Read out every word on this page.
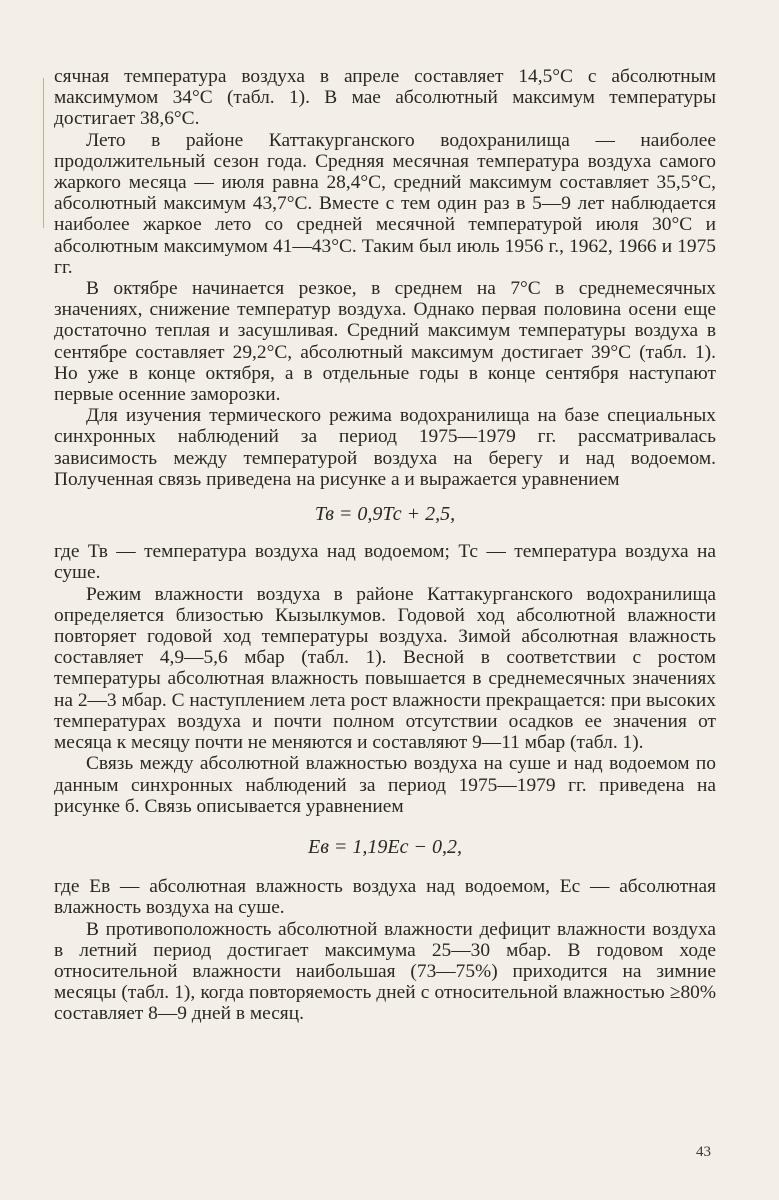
сячная температура воздуха в апреле составляет 14,5°С с абсолютным максимумом 34°С (табл. 1). В мае абсолютный максимум температуры достигает 38,6°С.

Лето в районе Каттакурганского водохранилища — наиболее продолжительный сезон года. Средняя месячная температура воздуха самого жаркого месяца — июля равна 28,4°С, средний максимум составляет 35,5°С, абсолютный максимум 43,7°С. Вместе с тем один раз в 5—9 лет наблюдается наиболее жаркое лето со средней месячной температурой июля 30°С и абсолютным максимумом 41—43°С. Таким был июль 1956 г., 1962, 1966 и 1975 гг.

В октябре начинается резкое, в среднем на 7°С в среднемесячных значениях, снижение температур воздуха. Однако первая половина осени еще достаточно теплая и засушливая. Средний максимум температуры воздуха в сентябре составляет 29,2°С, абсолютный максимум достигает 39°С (табл. 1). Но уже в конце октября, а в отдельные годы в конце сентября наступают первые осенние заморозки.

Для изучения термического режима водохранилища на базе специальных синхронных наблюдений за период 1975—1979 гг. рассматривалась зависимость между температурой воздуха на берегу и над водоемом. Полученная связь приведена на рисунке а и выражается уравнением

Тв = 0,9Тс + 2,5,

где Тв — температура воздуха над водоемом; Тс — температура воздуха на суше.

Режим влажности воздуха в районе Каттакурганского водохранилища определяется близостью Кызылкумов. Годовой ход абсолютной влажности повторяет годовой ход температуры воздуха. Зимой абсолютная влажность составляет 4,9—5,6 мбар (табл. 1). Весной в соответствии с ростом температуры абсолютная влажность повышается в среднемесячных значениях на 2—3 мбар. С наступлением лета рост влажности прекращается: при высоких температурах воздуха и почти полном отсутствии осадков ее значения от месяца к месяцу почти не меняются и составляют 9—11 мбар (табл. 1).

Связь между абсолютной влажностью воздуха на суше и над водоемом по данным синхронных наблюдений за период 1975—1979 гг. приведена на рисунке б. Связь описывается уравнением

Ев = 1,19Ес − 0,2,

где Ев — абсолютная влажность воздуха над водоемом, Ес — абсолютная влажность воздуха на суше.

В противоположность абсолютной влажности дефицит влажности воздуха в летний период достигает максимума 25—30 мбар. В годовом ходе относительной влажности наибольшая (73—75%) приходится на зимние месяцы (табл. 1), когда повторяемость дней с относительной влажностью ≥80% составляет 8—9 дней в месяц.

43
